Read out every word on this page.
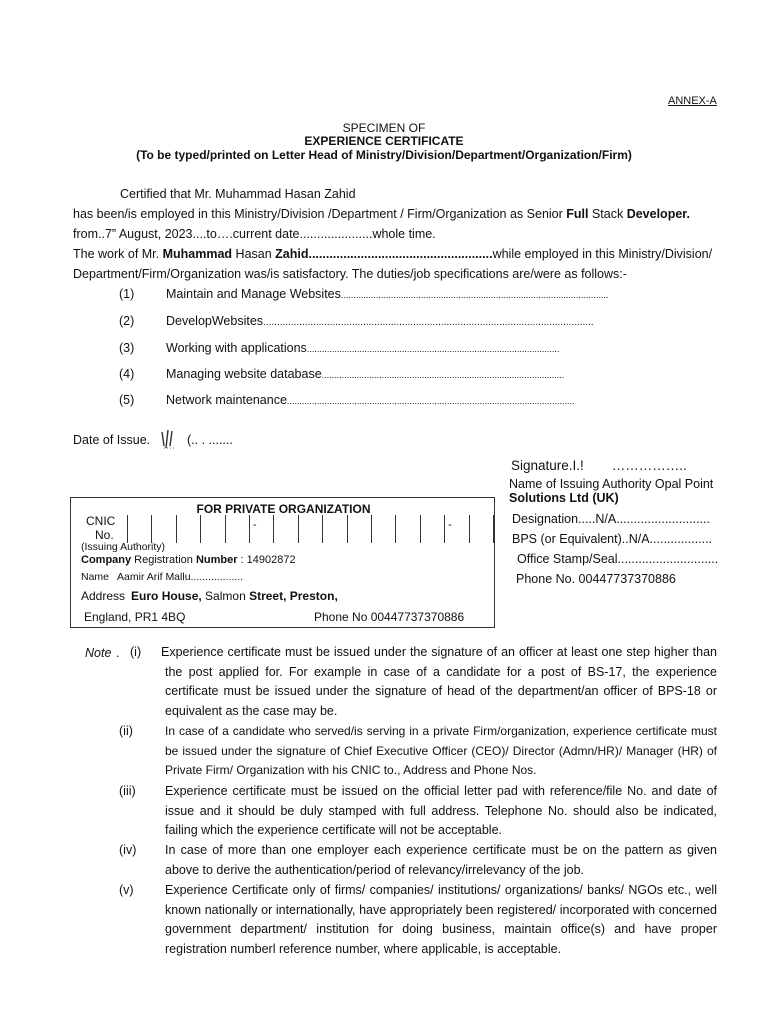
ANNEX-A
SPECIMEN OF
EXPERIENCE CERTIFICATE
(To be typed/printed on Letter Head of Ministry/Division/Department/Organization/Firm)
Certified that Mr. Muhammad Hasan Zahid
has been/is employed in this Ministry/Division /Department / Firm/Organization as Senior Full Stack Developer.
from..7” August, 2023....to….current date.....................whole time.
The work of Mr. Muhammad Hasan Zahid.....................................................while employed in this Ministry/Division/
Department/Firm/Organization was/is satisfactory. The duties/job specifications are/were as follows:-
(1)	Maintain and Manage Websites...........................................................................................................
(2)	DevelopWebsites.......................................................................................................................
(3)	Working with applications.....................................................................................................
(4)	Managing website database.................................................................................................
(5)	Network maintenance...................................................................................................................
Date of Issue.	(.. . .......
Signature.I.! ……………..
Name of Issuing Authority Opal Point
Solutions Ltd (UK)
Designation.....N/A...........................
BPS (or Equivalent)..N/A..................
Office Stamp/Seal.............................
Phone No. 00447737370886
FOR PRIVATE ORGANIZATION
CNIC
No.
-	-
(Issuing Authority)
Company Registration Number : 14902872
Name Aamir Arif Mallu..................
Address Euro House, Salmon Street, Preston,
England, PR1 4BQ	Phone No 00447737370886
Note . (i) Experience certificate must be issued under the signature of an officer at least one step higher than the post applied for. For example in case of a candidate for a post of BS-17, the experience certificate must be issued under the signature of head of the department/an officer of BPS-18 or equivalent as the case may be.
(ii)	In case of a candidate who served/is serving in a private Firm/organization, experience certificate must be issued under the signature of Chief Executive Officer (CEO)/ Director (Admn/HR)/ Manager (HR) of Private Firm/ Organization with his CNIC to., Address and Phone Nos.
(iii) Experience certificate must be issued on the official letter pad with reference/file No. and date of issue and it should be duly stamped with full address. Telephone No. should also be indicated, failing which the experience certificate will not be acceptable.
(iv) In case of more than one employer each experience certificate must be on the pattern as given above to derive the authentication/period of relevancy/irrelevancy of the job.
(v)	Experience Certificate only of firms/ companies/ institutions/ organizations/ banks/ NGOs etc., well known nationally or internationally, have appropriately been registered/ incorporated with concerned government department/ institution for doing business, maintain office(s) and have proper registration numberl reference number, where applicable, is acceptable.
